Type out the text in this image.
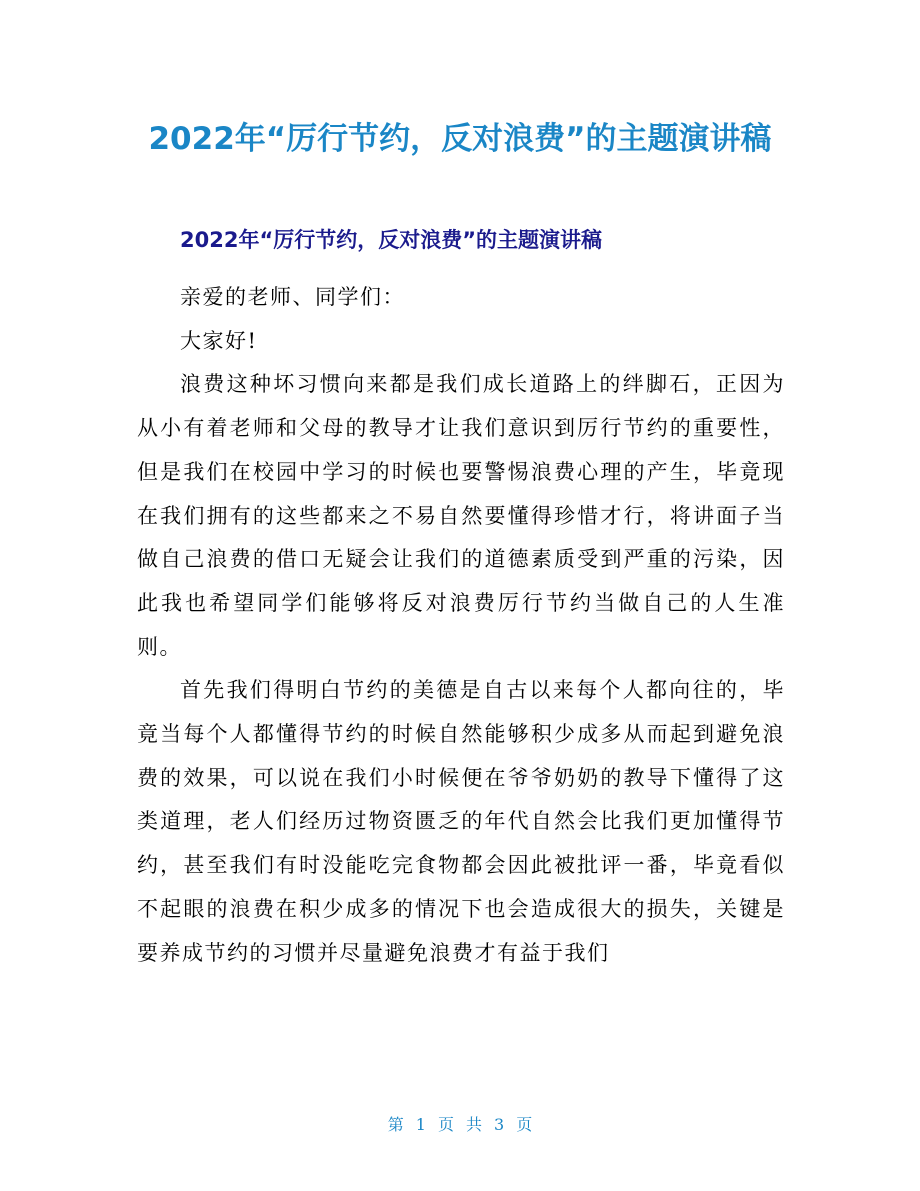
2022年“厉行节约，反对浪费”的主题演讲稿
2022年“厉行节约，反对浪费”的主题演讲稿

亲爱的老师、同学们：

大家好!

浪费这种坏习惯向来都是我们成长道路上的绊脚石，正因为从小有着老师和父母的教导才让我们意识到厉行节约的重要性，但是我们在校园中学习的时候也要警惕浪费心理的产生，毕竟现在我们拥有的这些都来之不易自然要懂得珍惜才行，将讲面子当做自己浪费的借口无疑会让我们的道德素质受到严重的污染，因此我也希望同学们能够将反对浪费厉行节约当做自己的人生准则。

首先我们得明白节约的美德是自古以来每个人都向往的，毕竟当每个人都懂得节约的时候自然能够积少成多从而起到避免浪费的效果，可以说在我们小时候便在爷爷奶奶的教导下懂得了这类道理，老人们经历过物资匮乏的年代自然会比我们更加懂得节约，甚至我们有时没能吃完食物都会因此被批评一番，毕竟看似不起眼的浪费在积少成多的情况下也会造成很大的损失，关键是要养成节约的习惯并尽量避免浪费才有益于我们

第 1 页 共 3 页
